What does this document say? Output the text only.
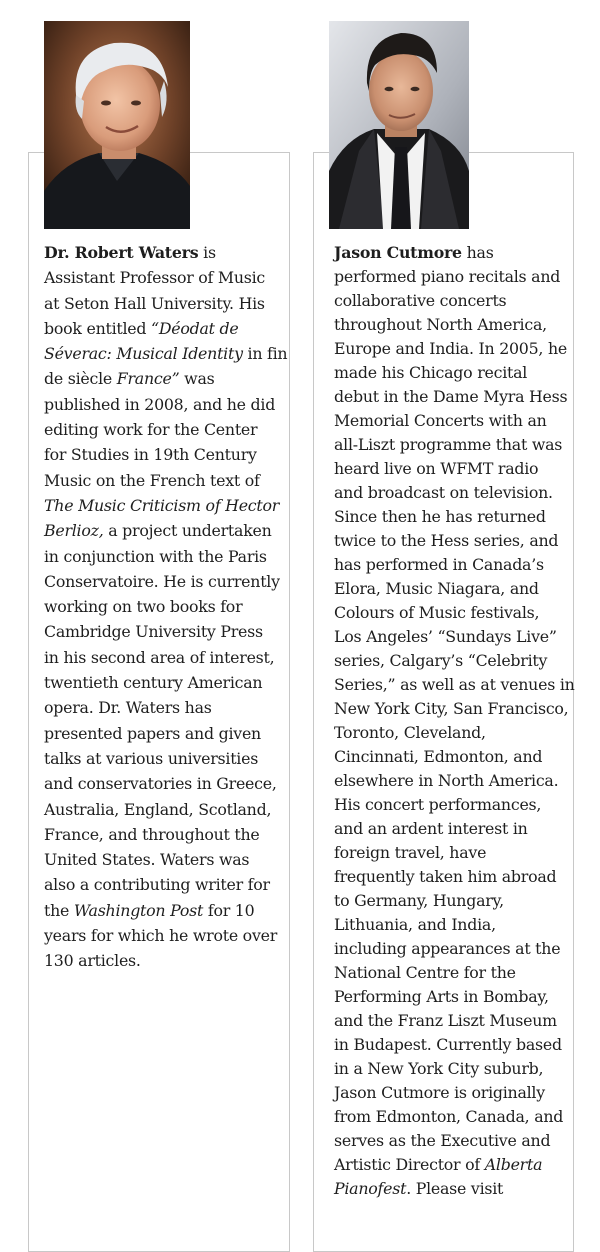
Dr. Robert Waters is
Assistant Professor of Music
at Seton Hall University. His
book entitled “Déodat de
Séverac: Musical Identity in fin
de siècle France” was
published in 2008, and he did
editing work for the Center
for Studies in 19th Century
Music on the French text of
The Music Criticism of Hector
Berlioz, a project undertaken
in conjunction with the Paris
Conservatoire. He is currently
working on two books for
Cambridge University Press
in his second area of interest,
twentieth century American
opera. Dr. Waters has
presented papers and given
talks at various universities
and conservatories in Greece,
Australia, England, Scotland,
France, and throughout the
United States. Waters was
also a contributing writer for
the Washington Post for 10
years for which he wrote over
130 articles.

Jason Cutmore has
performed piano recitals and
collaborative concerts
throughout North America,
Europe and India. In 2005, he
made his Chicago recital
debut in the Dame Myra Hess
Memorial Concerts with an
all-Liszt programme that was
heard live on WFMT radio
and broadcast on television.
Since then he has returned
twice to the Hess series, and
has performed in Canada’s
Elora, Music Niagara, and
Colours of Music festivals,
Los Angeles’ “Sundays Live”
series, Calgary’s “Celebrity
Series,” as well as at venues in
New York City, San Francisco,
Toronto, Cleveland,
Cincinnati, Edmonton, and
elsewhere in North America.
His concert performances,
and an ardent interest in
foreign travel, have
frequently taken him abroad
to Germany, Hungary,
Lithuania, and India,
including appearances at the
National Centre for the
Performing Arts in Bombay,
and the Franz Liszt Museum
in Budapest. Currently based
in a New York City suburb,
Jason Cutmore is originally
from Edmonton, Canada, and
serves as the Executive and
Artistic Director of Alberta
Pianofest. Please visit
